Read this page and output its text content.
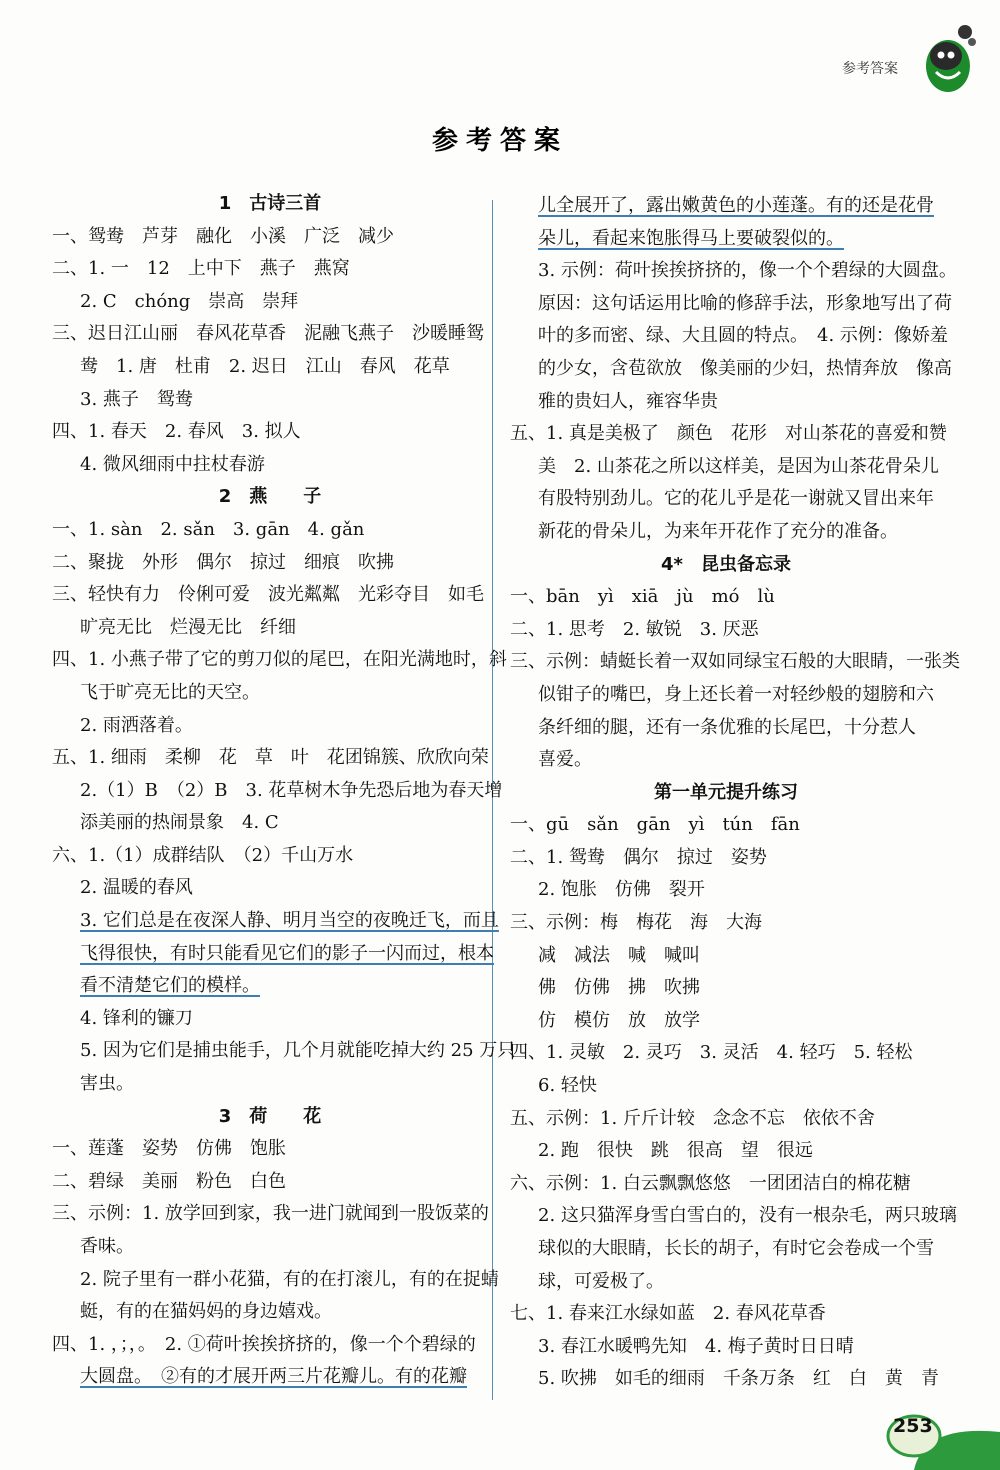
参考答案
参考答案
1　古诗三首
一、鸳鸯　芦芽　融化　小溪　广泛　减少
二、1. 一　12　上中下　燕子　燕窝
2. C　chóng　崇高　崇拜
三、迟日江山丽　春风花草香　泥融飞燕子　沙暖睡鸳
鸯　1. 唐　杜甫　2. 迟日　江山　春风　花草
3. 燕子　鸳鸯
四、1. 春天　2. 春风　3. 拟人
4. 微风细雨中拄杖春游
2　燕　　子
一、1. sàn　2. sǎn　3. gān　4. gǎn
二、聚拢　外形　偶尔　掠过　细痕　吹拂
三、轻快有力　伶俐可爱　波光粼粼　光彩夺目　如毛
旷亮无比　烂漫无比　纤细
四、1. 小燕子带了它的剪刀似的尾巴，在阳光满地时，斜
飞于旷亮无比的天空。
2. 雨洒落着。
五、1. 细雨　柔柳　花　草　叶　花团锦簇、欣欣向荣
2.（1）B　（2）B　3. 花草树木争先恐后地为春天增
添美丽的热闹景象　4. C
六、1.（1）成群结队　（2）千山万水
2. 温暖的春风
3. 它们总是在夜深人静、明月当空的夜晚迁飞，而且
飞得很快，有时只能看见它们的影子一闪而过，根本
看不清楚它们的模样。
4. 锋利的镰刀
5. 因为它们是捕虫能手，几个月就能吃掉大约 25 万只
害虫。
3　荷　　花
一、莲蓬　姿势　仿佛　饱胀
二、碧绿　美丽　粉色　白色
三、示例：1. 放学回到家，我一进门就闻到一股饭菜的
香味。
2. 院子里有一群小花猫，有的在打滚儿，有的在捉蜻
蜓，有的在猫妈妈的身边嬉戏。
四、1. ，；，。　2. ①荷叶挨挨挤挤的，像一个个碧绿的
大圆盘。　②有的才展开两三片花瓣儿。有的花瓣
儿全展开了，露出嫩黄色的小莲蓬。有的还是花骨
朵儿，看起来饱胀得马上要破裂似的。
3. 示例：荷叶挨挨挤挤的，像一个个碧绿的大圆盘。
原因：这句话运用比喻的修辞手法，形象地写出了荷
叶的多而密、绿、大且圆的特点。　4. 示例：像娇羞
的少女，含苞欲放　像美丽的少妇，热情奔放　像高
雅的贵妇人，雍容华贵
五、1. 真是美极了　颜色　花形　对山茶花的喜爱和赞
美　2. 山茶花之所以这样美，是因为山茶花骨朵儿
有股特别劲儿。它的花儿乎是花一谢就又冒出来年
新花的骨朵儿，为来年开花作了充分的准备。
4*　昆虫备忘录
一、bān　yì　xiā　jù　mó　lù
二、1. 思考　2. 敏锐　3. 厌恶
三、示例：蜻蜓长着一双如同绿宝石般的大眼睛，一张类
似钳子的嘴巴，身上还长着一对轻纱般的翅膀和六
条纤细的腿，还有一条优雅的长尾巴，十分惹人
喜爱。
第一单元提升练习
一、gū　sǎn　gān　yì　tún　fān
二、1. 鸳鸯　偶尔　掠过　姿势
2. 饱胀　仿佛　裂开
三、示例：梅　梅花　海　大海
减　减法　喊　喊叫
佛　仿佛　拂　吹拂
仿　模仿　放　放学
四、1. 灵敏　2. 灵巧　3. 灵活　4. 轻巧　5. 轻松
6. 轻快
五、示例：1. 斤斤计较　念念不忘　依依不舍
2. 跑　很快　跳　很高　望　很远
六、示例：1. 白云飘飘悠悠　一团团洁白的棉花糖
2. 这只猫浑身雪白雪白的，没有一根杂毛，两只玻璃
球似的大眼睛，长长的胡子，有时它会卷成一个雪
球，可爱极了。
七、1. 春来江水绿如蓝　2. 春风花草香
3. 春江水暖鸭先知　4. 梅子黄时日日晴
5. 吹拂　如毛的细雨　千条万条　红　白　黄　青
253
